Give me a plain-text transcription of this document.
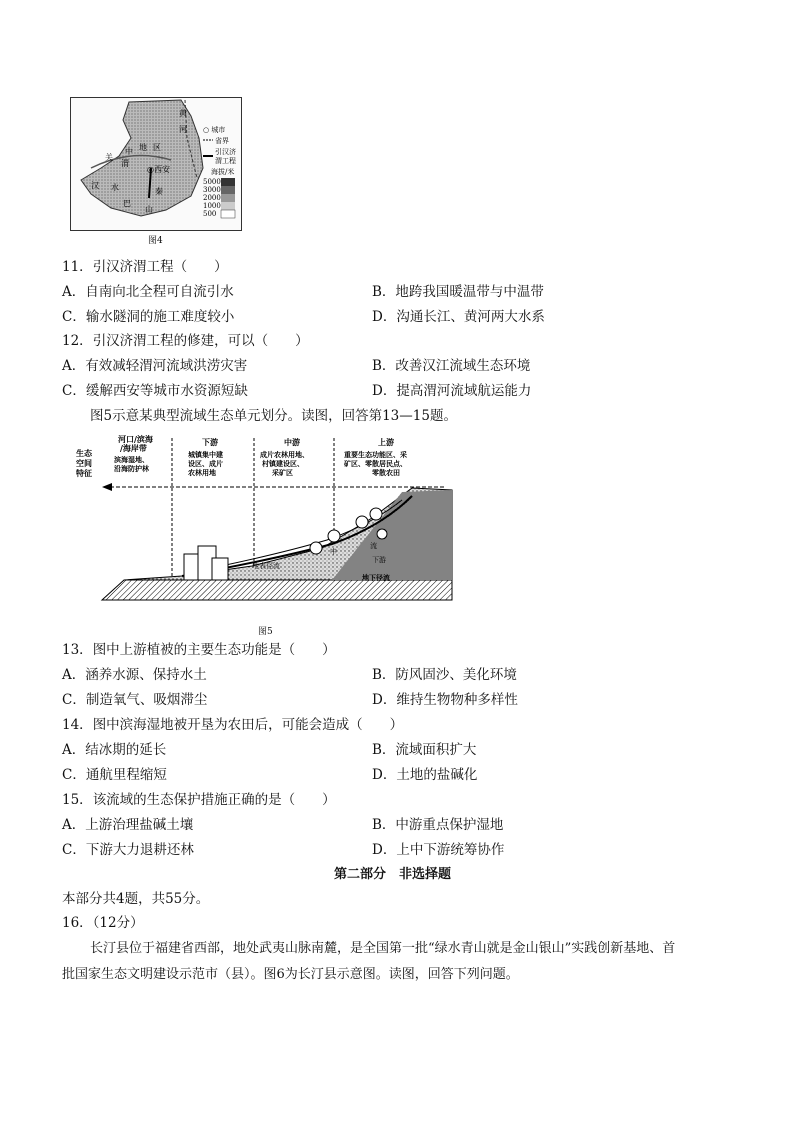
黄
河
关
中 地 区
渭
◎西安
汉 水
巴
山
秦
○ 城市
省界
引汉济
渭工程
海拔/米
5000
3000
2000
1000
500
图4
11．引汉济渭工程（　　）
A．自南向北全程可自流引水	B．地跨我国暖温带与中温带
C．输水隧洞的施工难度较小	D．沟通长江、黄河两大水系
12．引汉济渭工程的修建，可以（　　）
A．有效减轻渭河流域洪涝灾害	B．改善汉江流域生态环境
C．缓解西安等城市水资源短缺	D．提高渭河流域航运能力
图5示意某典型流域生态单元划分。读图，回答第13—15题。
生态
空间
特征
河口/滨海
/海岸带
滨海湿地、
沿海防护林
下游
城镇集中建
设区、成片
农林用地
中游
成片农林用地、
村镇建设区、
采矿区
上游
重要生态功能区、采
矿区、零散居民点、
零散农田
地表径流
流
中
下游
地下径流
图5
13．图中上游植被的主要生态功能是（　　）
A．涵养水源、保持水土	B．防风固沙、美化环境
C．制造氧气、吸烟滞尘	D．维持生物物种多样性
14．图中滨海湿地被开垦为农田后，可能会造成（　　）
A．结冰期的延长	B．流域面积扩大
C．通航里程缩短	D．土地的盐碱化
15．该流域的生态保护措施正确的是（　　）
A．上游治理盐碱土壤	B．中游重点保护湿地
C．下游大力退耕还林	D．上中下游统筹协作
第二部分　非选择题
本部分共4题，共55分。
16．（12分）
长汀县位于福建省西部，地处武夷山脉南麓，是全国第一批“绿水青山就是金山银山”实践创新基地、首
批国家生态文明建设示范市（县）。图6为长汀县示意图。读图，回答下列问题。
